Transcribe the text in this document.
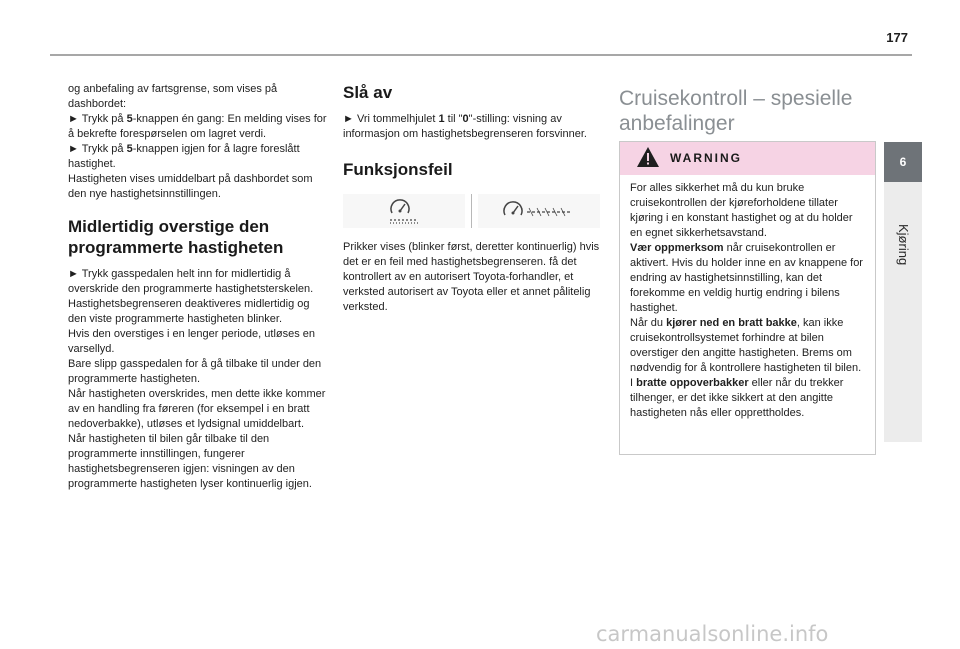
177

og anbefaling av fartsgrense, som vises på dashbordet:

► Trykk på 5-knappen én gang: En melding vises for å bekrefte forespørselen om lagret verdi.

► Trykk på 5-knappen igjen for å lagre foreslått hastighet.

Hastigheten vises umiddelbart på dashbordet som den nye hastighetsinnstillingen.

Midlertidig overstige den programmerte hastigheten

► Trykk gasspedalen helt inn for midlertidig å overskride den programmerte hastighetsterskelen.

Hastighetsbegrenseren deaktiveres midlertidig og den viste programmerte hastigheten blinker.

Hvis den overstiges i en lenger periode, utløses en varsellyd.

Bare slipp gasspedalen for å gå tilbake til under den programmerte hastigheten.

Når hastigheten overskrides, men dette ikke kommer av en handling fra føreren (for eksempel i en bratt nedoverbakke), utløses et lydsignal umiddelbart.

Når hastigheten til bilen går tilbake til den programmerte innstillingen, fungerer hastighetsbegrenseren igjen: visningen av den programmerte hastigheten lyser kontinuerlig igjen.

Slå av

► Vri tommelhjulet 1 til "0"-stilling: visning av informasjon om hastighetsbegrenseren forsvinner.

Funksjonsfeil

Prikker vises (blinker først, deretter kontinuerlig) hvis det er en feil med hastighetsbegrenseren. få det kontrollert av en autorisert Toyota-forhandler, et verksted autorisert av Toyota eller et annet pålitelig verksted.

Cruisekontroll – spesielle anbefalinger
WARNING

For alles sikkerhet må du kun bruke cruisekontrollen der kjøreforholdene tillater kjøring i en konstant hastighet og at du holder en egnet sikkerhetsavstand.

Vær oppmerksom når cruisekontrollen er aktivert. Hvis du holder inne en av knappene for endring av hastighetsinnstilling, kan det forekomme en veldig hurtig endring i bilens hastighet.

Når du kjører ned en bratt bakke, kan ikke cruisekontrollsystemet forhindre at bilen overstiger den angitte hastigheten. Brems om nødvendig for å kontrollere hastigheten til bilen.

I bratte oppoverbakker eller når du trekker tilhenger, er det ikke sikkert at den angitte hastigheten nås eller opprettholdes.

6
Kjøring
carmanualsonline.info
